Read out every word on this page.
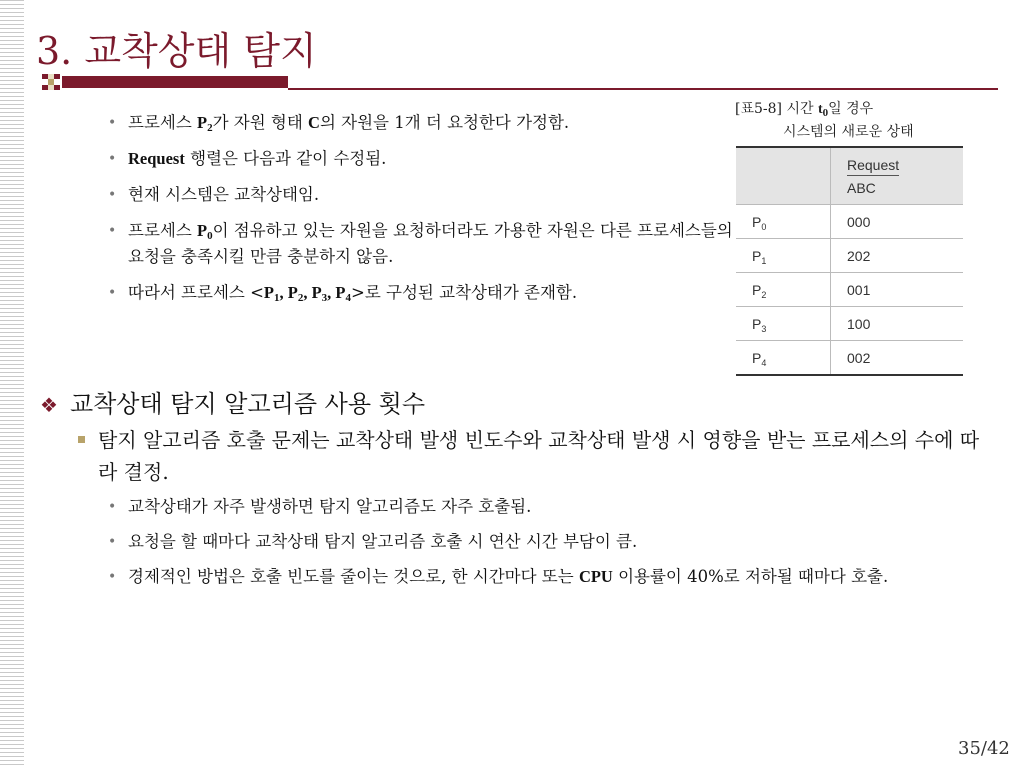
3. 교착상태 탐지
• 프로세스 $P_2$가 자원 형태 C의 자원을 1개 더 요청한다 가정함.
• Request 행렬은 다음과 같이 수정됨.
• 현재 시스템은 교착상태임.
• 프로세스 $P_0$이 점유하고 있는 자원을 요청하더라도 가용한 자원은 다른 프로세스들의 요청을 충족시킬 만큼 충분하지 않음.
• 따라서 프로세스 $<P_1$, $P_2$, $P_3$, $P_4>$로 구성된 교착상태가 존재함.
[표5-8] 시간 $t_0$일 경우
시스템의 새로운 상태
	Request
ABC

$P_0$	000
$P_1$	202
$P_2$	001
$P_3$	100
$P_4$	002
❖ 교착상태 탐지 알고리즘 사용 횟수
탐지 알고리즘 호출 문제는 교착상태 발생 빈도수와 교착상태 발생 시 영향을 받는 프로세스의 수에 따라 결정.
• 교착상태가 자주 발생하면 탐지 알고리즘도 자주 호출됨.
• 요청을 할 때마다 교착상태 탐지 알고리즘 호출 시 연산 시간 부담이 큼.
• 경제적인 방법은 호출 빈도를 줄이는 것으로, 한 시간마다 또는 CPU 이용률이 40%로 저하될 때마다 호출.
35/42
